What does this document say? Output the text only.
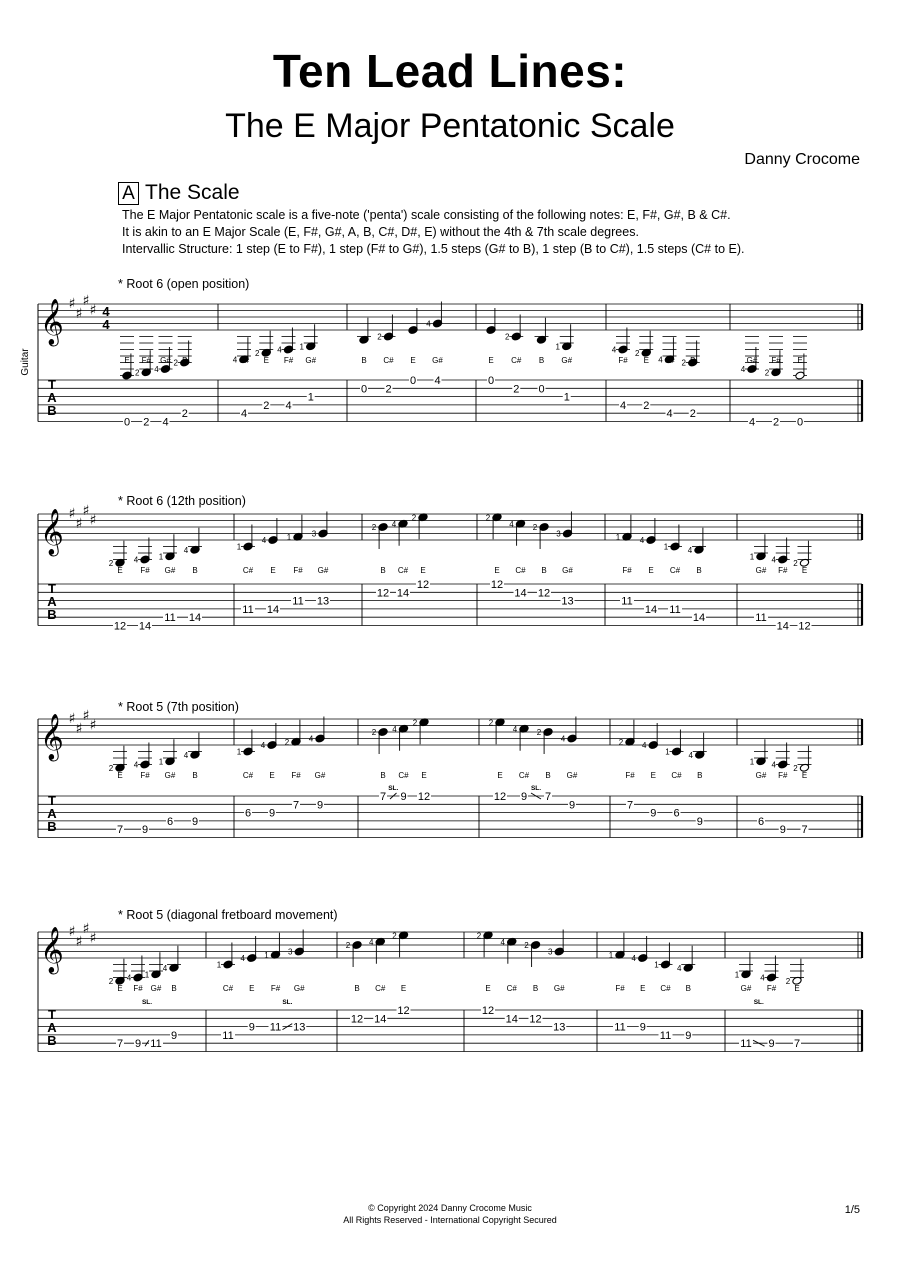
Ten Lead Lines:
The E Major Pentatonic Scale
Danny Crocome
A The Scale
The E Major Pentatonic scale is a five-note ('penta') scale consisting of the following notes: E, F#, G#, B & C#.
It is akin to an E Major Scale (E, F#, G#, A, B, C#, D#, E) without the 4th & 7th scale degrees.
Intervallic Structure: 1 step (E to F#), 1 step (F# to G#), 1.5 steps (G# to B), 1 step (B to C#), 1.5 steps (C# to E).
* Root 6 (open position)
𝄞 ♯
♯
♯
♯ 4
4
Guitar
T
A
B
E
0
2
F#
2
4
G#
4
2 B
2
4 C#
4
2
E
2
4
F#
4
1
G#
1
B
0
2
C#
2
E
0
4
G#
4
E
0
2
C#
2
B
0
1
G#
1
4
F#
4
2
E
2
4 C#
4
2 B
2
4
G#
4
2
F#
2
E
0
* Root 6 (12th position)
𝄞 ♯
♯
♯
♯
T
A
B
2
E
12
4
F#
14
1
G#
11
4
B
14
1
C#
11
4
E
14
1
F#
11
3
G#
13
2
B
12
4
C#
14
2
E
12
2
E
12
4
C#
14
2
B
12
3
G#
13
1
F#
11
4
E
14
1
C#
11
4
B
14
1
G#
11
4
F#
14
2
E
12
* Root 5 (7th position)
𝄞 ♯
♯
♯
♯
T
A
B
2
E
7
4
F#
9
1
G#
6
4
B
9
1
C#
6
4
E
9
2
F#
7
4
G#
9
2
B
7
4
C#
9
SL.
2
E
12
2
E
12
4
C#
9
2
B
7
SL.
4
G#
9
2
F#
7
4
E
9
1
C#
6
4
B
9
1
G#
6
4
F#
9
2
E
7
* Root 5 (diagonal fretboard movement)
𝄞 ♯
♯
♯
♯
T
A
B
2
E
7
4
F#
9
1
G#
11
SL.
4
B
9
1
C#
11
4
E
9
1
F#
11
3
G#
13
SL.
2
B
12
4
C#
14
2
E
12
2
E
12
4
C#
14
2
B
12
3
G#
13
1
F#
11
4
E
9
1
C#
11
4
B
9
1
G#
11
4
F#
9
SL.
2
E
7
© Copyright 2024 Danny Crocome Music
All Rights Reserved - International Copyright Secured
1/5
